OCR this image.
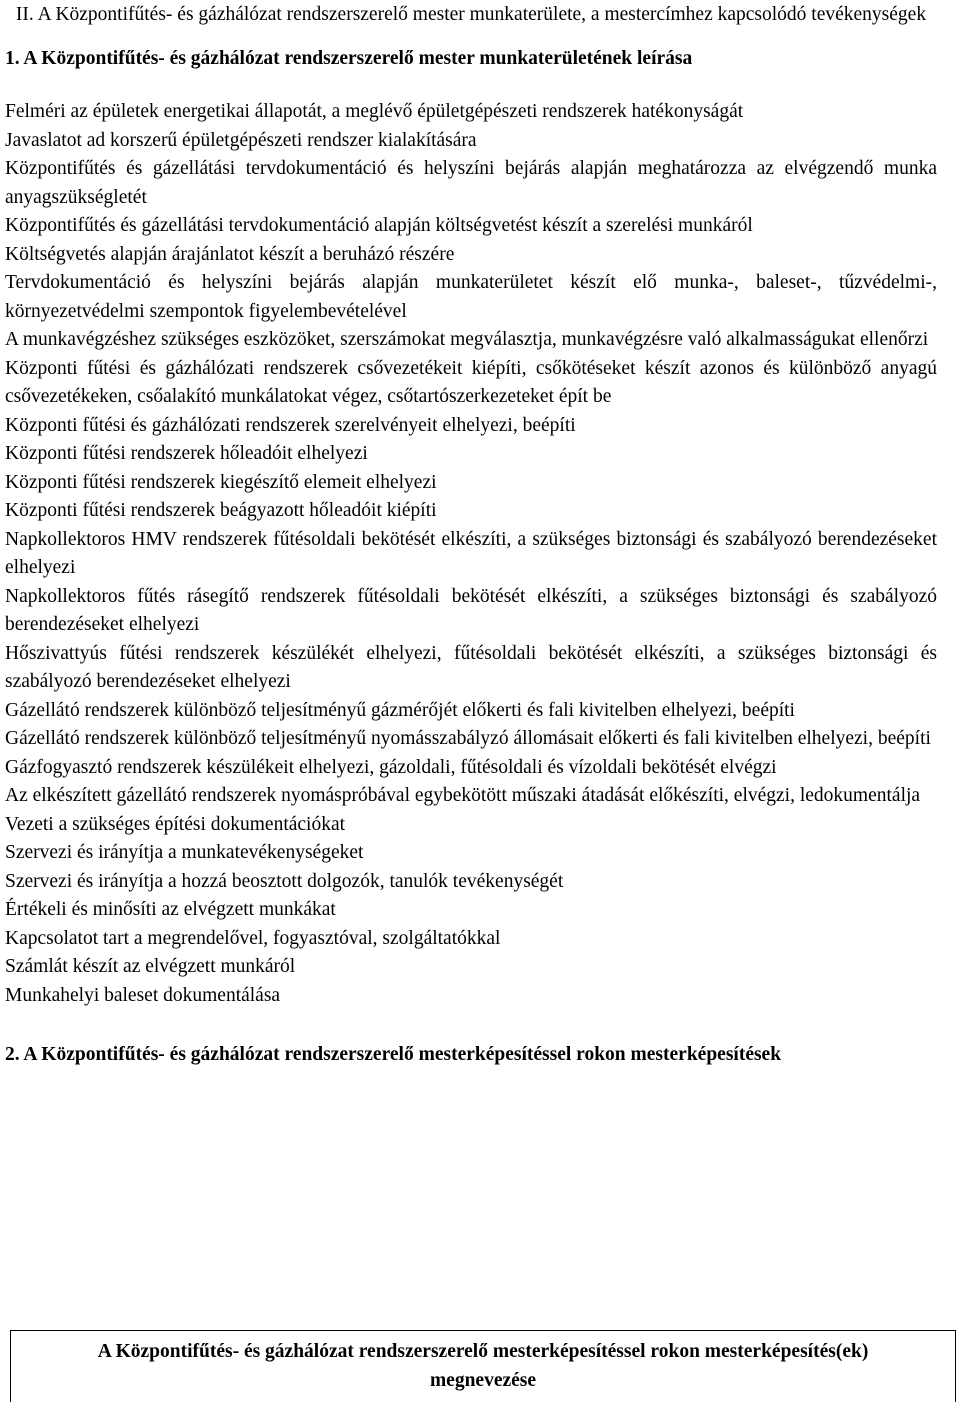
II. A Központifűtés- és gázhálózat rendszerszerelő mester munkaterülete, a mestercímhez kapcsolódó tevékenységek
1. A Központifűtés- és gázhálózat rendszerszerelő mester munkaterületének leírása
Felméri az épületek energetikai állapotát, a meglévő épületgépészeti rendszerek hatékonyságát
Javaslatot ad korszerű épületgépészeti rendszer kialakítására
Központifűtés és gázellátási tervdokumentáció és helyszíni bejárás alapján meghatározza az elvégzendő munka anyagszükségletét
Központifűtés és gázellátási tervdokumentáció alapján költségvetést készít a szerelési munkáról
Költségvetés alapján árajánlatot készít a beruházó részére
Tervdokumentáció és helyszíni bejárás alapján munkaterületet készít elő munka-, baleset-, tűzvédelmi-, környezetvédelmi szempontok figyelembevételével
A munkavégzéshez szükséges eszközöket, szerszámokat megválasztja, munkavégzésre való alkalmasságukat ellenőrzi
Központi fűtési és gázhálózati rendszerek csővezetékeit kiépíti, csőkötéseket készít azonos és különböző anyagú csővezetékeken, csőalakító munkálatokat végez, csőtartószerkezeteket épít be
Központi fűtési és gázhálózati rendszerek szerelvényeit elhelyezi, beépíti
Központi fűtési rendszerek hőleadóit elhelyezi
Központi fűtési rendszerek kiegészítő elemeit elhelyezi
Központi fűtési rendszerek beágyazott hőleadóit kiépíti
Napkollektoros HMV rendszerek fűtésoldali bekötését elkészíti, a szükséges biztonsági és szabályozó berendezéseket elhelyezi
Napkollektoros fűtés rásegítő rendszerek fűtésoldali bekötését elkészíti, a szükséges biztonsági és szabályozó berendezéseket elhelyezi
Hőszivattyús fűtési rendszerek készülékét elhelyezi, fűtésoldali bekötését elkészíti, a szükséges biztonsági és szabályozó berendezéseket elhelyezi
Gázellátó rendszerek különböző teljesítményű gázmérőjét előkerti és fali kivitelben elhelyezi, beépíti
Gázellátó rendszerek különböző teljesítményű nyomásszabályzó állomásait előkerti és fali kivitelben elhelyezi, beépíti
Gázfogyasztó rendszerek készülékeit elhelyezi, gázoldali, fűtésoldali és vízoldali bekötését elvégzi
Az elkészített gázellátó rendszerek nyomáspróbával egybekötött műszaki átadását előkészíti, elvégzi, ledokumentálja
Vezeti a szükséges építési dokumentációkat
Szervezi és irányítja a munkatevékenységeket
Szervezi és irányítja a hozzá beosztott dolgozók, tanulók tevékenységét
Értékeli és minősíti az elvégzett munkákat
Kapcsolatot tart a megrendelővel, fogyasztóval, szolgáltatókkal
Számlát készít az elvégzett munkáról
Munkahelyi baleset dokumentálása
2. A Központifűtés- és gázhálózat rendszerszerelő mesterképesítéssel rokon mesterképesítések

A Központifűtés- és gázhálózat rendszerszerelő mesterképesítéssel rokon mesterképesítés(ek) megnevezése
